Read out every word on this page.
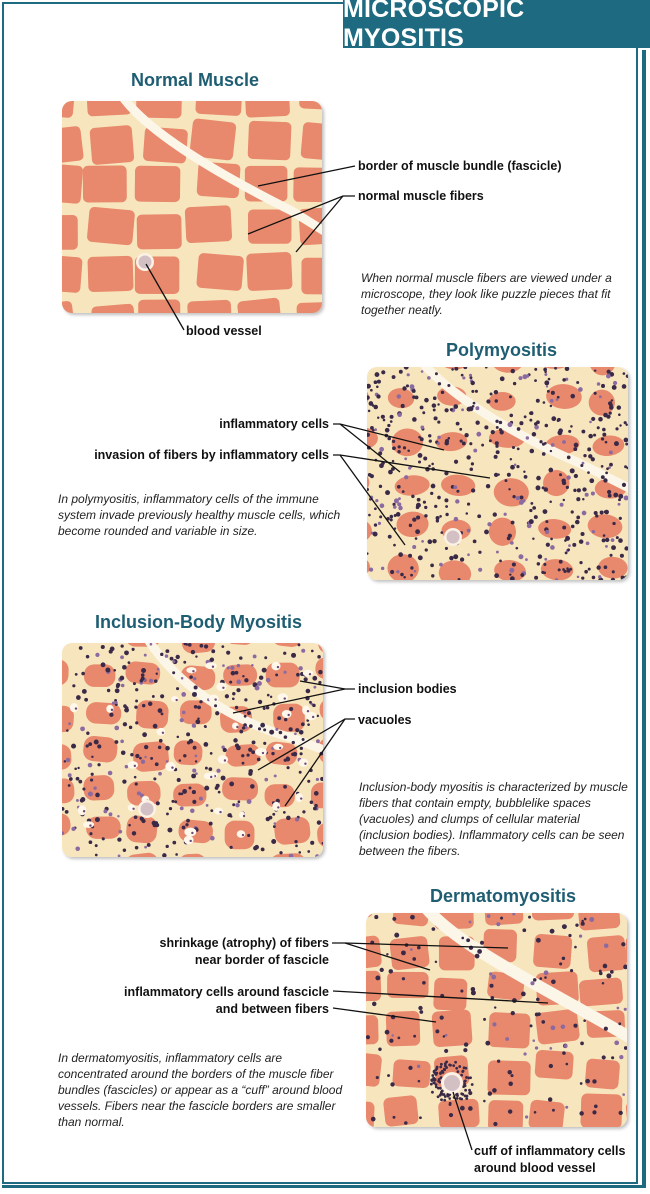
MICROSCOPIC MYOSITIS
Normal Muscle
border of muscle bundle (fascicle)
normal muscle fibers
blood vessel
When normal muscle fibers are viewed under a microscope, they look like puzzle pieces that fit together neatly.
Polymyositis
inflammatory cells
invasion of fibers by inflammatory cells
In polymyositis, inflammatory cells of the immune system invade previously healthy muscle cells, which become rounded and variable in size.
Inclusion-Body Myositis
inclusion bodies
vacuoles
Inclusion-body myositis is characterized by muscle fibers that contain empty, bubblelike spaces (vacuoles) and clumps of cellular material (inclusion bodies). Inflammatory cells can be seen between the fibers.
Dermatomyositis
shrinkage (atrophy) of fibers
near border of fascicle
inflammatory cells around fascicle
and between fibers
cuff of inflammatory cells
around blood vessel
In dermatomyositis, inflammatory cells are concentrated around the borders of the muscle fiber bundles (fascicles) or appear as a “cuff” around blood vessels. Fibers near the fascicle borders are smaller than normal.
